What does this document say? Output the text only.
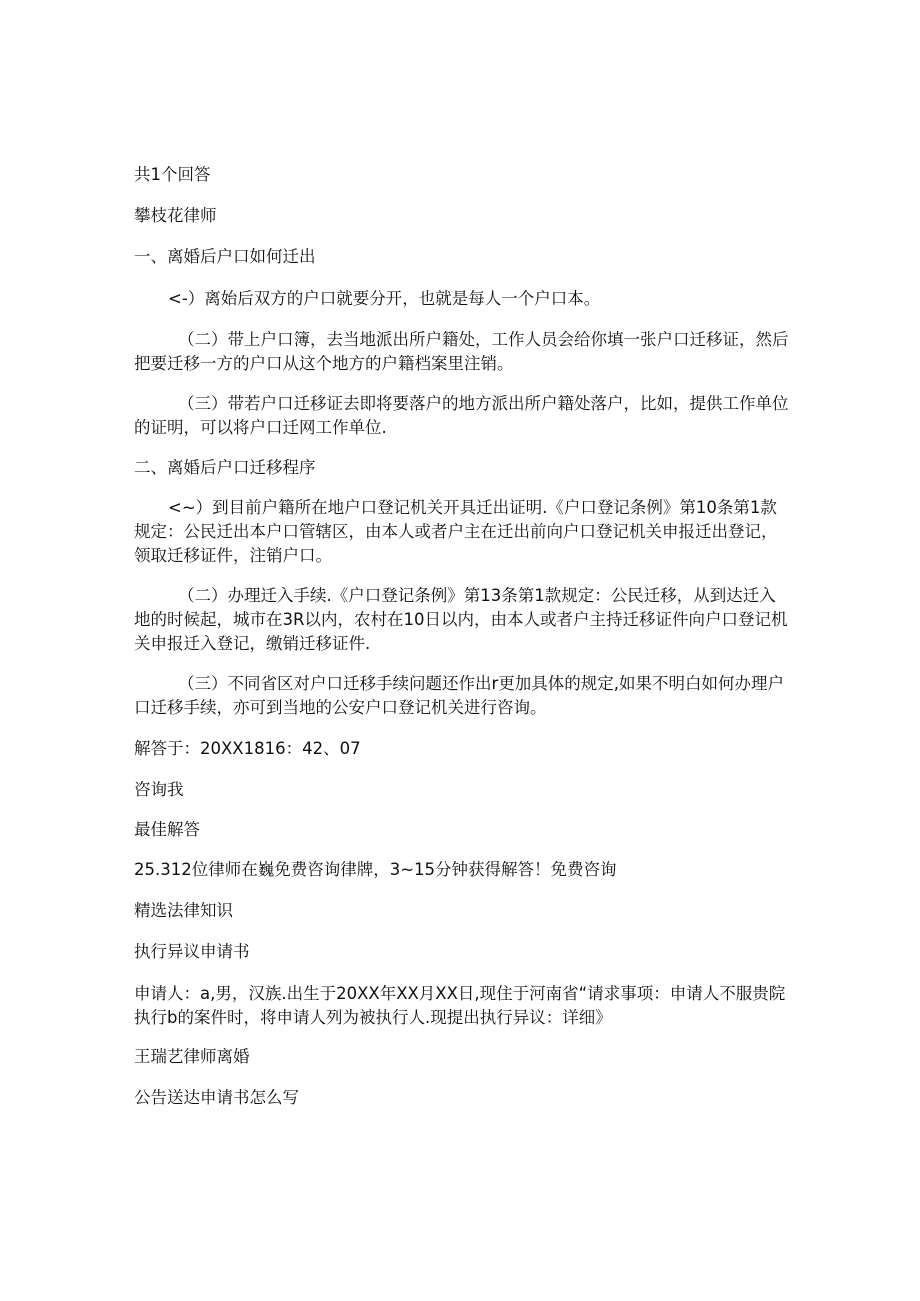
共1个回答

攀枝花律师

一、离婚后户口如何迁出

<-）离始后双方的户口就要分开，也就是每人一个户口本。

（二）带上户口簿，去当地派出所户籍处，工作人员会给你填一张户口迁移证，然后把要迁移一方的户口从这个地方的户籍档案里注销。

（三）带若户口迁移证去即将要落户的地方派出所户籍处落户，比如，提供工作单位的证明，可以将户口迁网工作单位.

二、离婚后户口迁移程序

<~）到目前户籍所在地户口登记机关开具迁出证明.《户口登记条例》第10条第1款规定：公民迁出本户口管辖区，由本人或者户主在迁出前向户口登记机关申报迁出登记，领取迁移证件，注销户口。

（二）办理迁入手续.《户口登记条例》第13条第1款规定：公民迁移，从到达迁入地的时候起，城市在3R以内，农村在10日以内，由本人或者户主持迁移证件向户口登记机关申报迁入登记，缴销迁移证件.

（三）不同省区对户口迁移手续问题还作出r更加具体的规定,如果不明白如何办理户口迁移手续，亦可到当地的公安户口登记机关进行咨询。

解答于：20XX1816：42、07

咨询我

最佳解答

25.312位律师在巍免费咨询律牌，3~15分钟获得解答！免费咨询

精选法律知识

执行异议申请书

申请人：a,男，汉族.出生于20XX年XX月XX日,现住于河南省“请求事项：申请人不服贵院执行b的案件时，将申请人列为被执行人.现提出执行异议：详细》

王瑞艺律师离婚

公告送达申请书怎么写
